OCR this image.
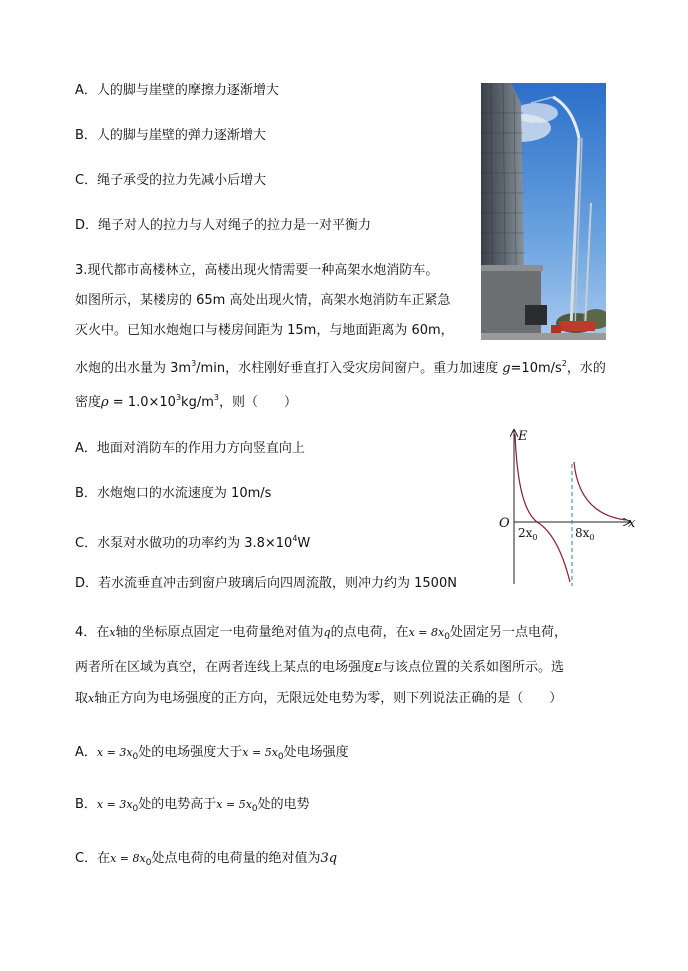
A．人的脚与崖壁的摩擦力逐渐增大
B．人的脚与崖壁的弹力逐渐增大
C．绳子承受的拉力先减小后增大
D．绳子对人的拉力与人对绳子的拉力是一对平衡力
3.现代都市高楼林立，高楼出现火情需要一种高架水炮消防车。
如图所示，某楼房的 65m 高处出现火情，高架水炮消防车正紧急
灭火中。已知水炮炮口与楼房间距为 15m，与地面距离为 60m，
水炮的出水量为 $3m^3/\min$，水柱刚好垂直打入受灾房间窗户。重力加速度 $g=10m/s^2$，水的
密度$\rho = 1.0\times 10^3kg/m^3$，则（　　）
A．地面对消防车的作用力方向竖直向上
B．水炮炮口的水流速度为 10m/s
C．水泵对水做功的功率约为 $3.8\times 10^4W$
D．若水流垂直冲击到窗户玻璃后向四周流散，则冲力约为 1500N
E
x
O
$2x_0$	$8x_0$
4．在x轴的坐标原点固定一电荷量绝对值为q的点电荷，在$x = 8x_0$处固定另一点电荷，
两者所在区域为真空，在两者连线上某点的电场强度E与该点位置的关系如图所示。选
取x轴正方向为电场强度的正方向，无限远处电势为零，则下列说法正确的是（　　）
A．$x = 3x_0$处的电场强度大于$x = 5x_0$处电场强度
B．$x = 3x_0$处的电势高于$x = 5x_0$处的电势
C．在$x = 8x_0$处点电荷的电荷量的绝对值为3q
